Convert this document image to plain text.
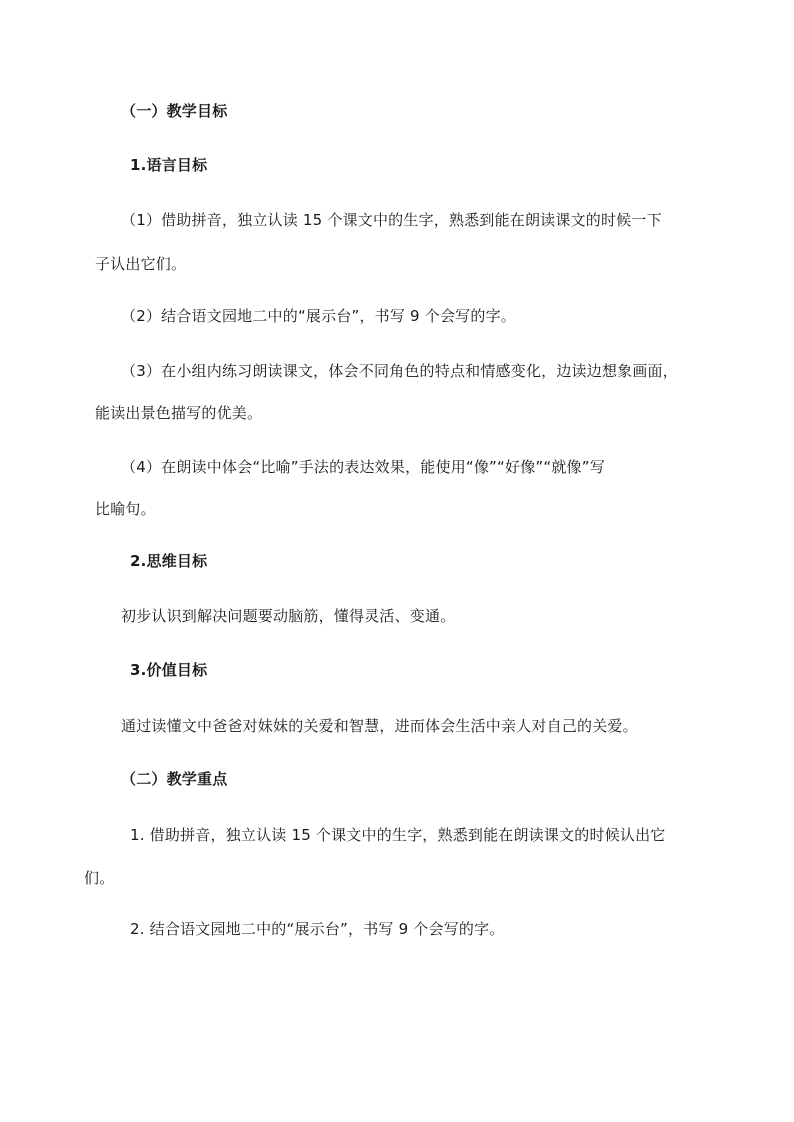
（一）教学目标
1.语言目标
（1）借助拼音，独立认读 15 个课文中的生字，熟悉到能在朗读课文的时候一下
子认出它们。
（2）结合语文园地二中的“展示台”，书写 9 个会写的字。
（3）在小组内练习朗读课文，体会不同角色的特点和情感变化，边读边想象画面，
能读出景色描写的优美。
（4）在朗读中体会“比喻”手法的表达效果，能使用“像”“好像”“就像”写
比喻句。
2.思维目标
初步认识到解决问题要动脑筋，懂得灵活、变通。
3.价值目标
通过读懂文中爸爸对妹妹的关爱和智慧，进而体会生活中亲人对自己的关爱。
（二）教学重点
1. 借助拼音，独立认读 15 个课文中的生字，熟悉到能在朗读课文的时候认出它
们。
2. 结合语文园地二中的“展示台”，书写 9 个会写的字。
